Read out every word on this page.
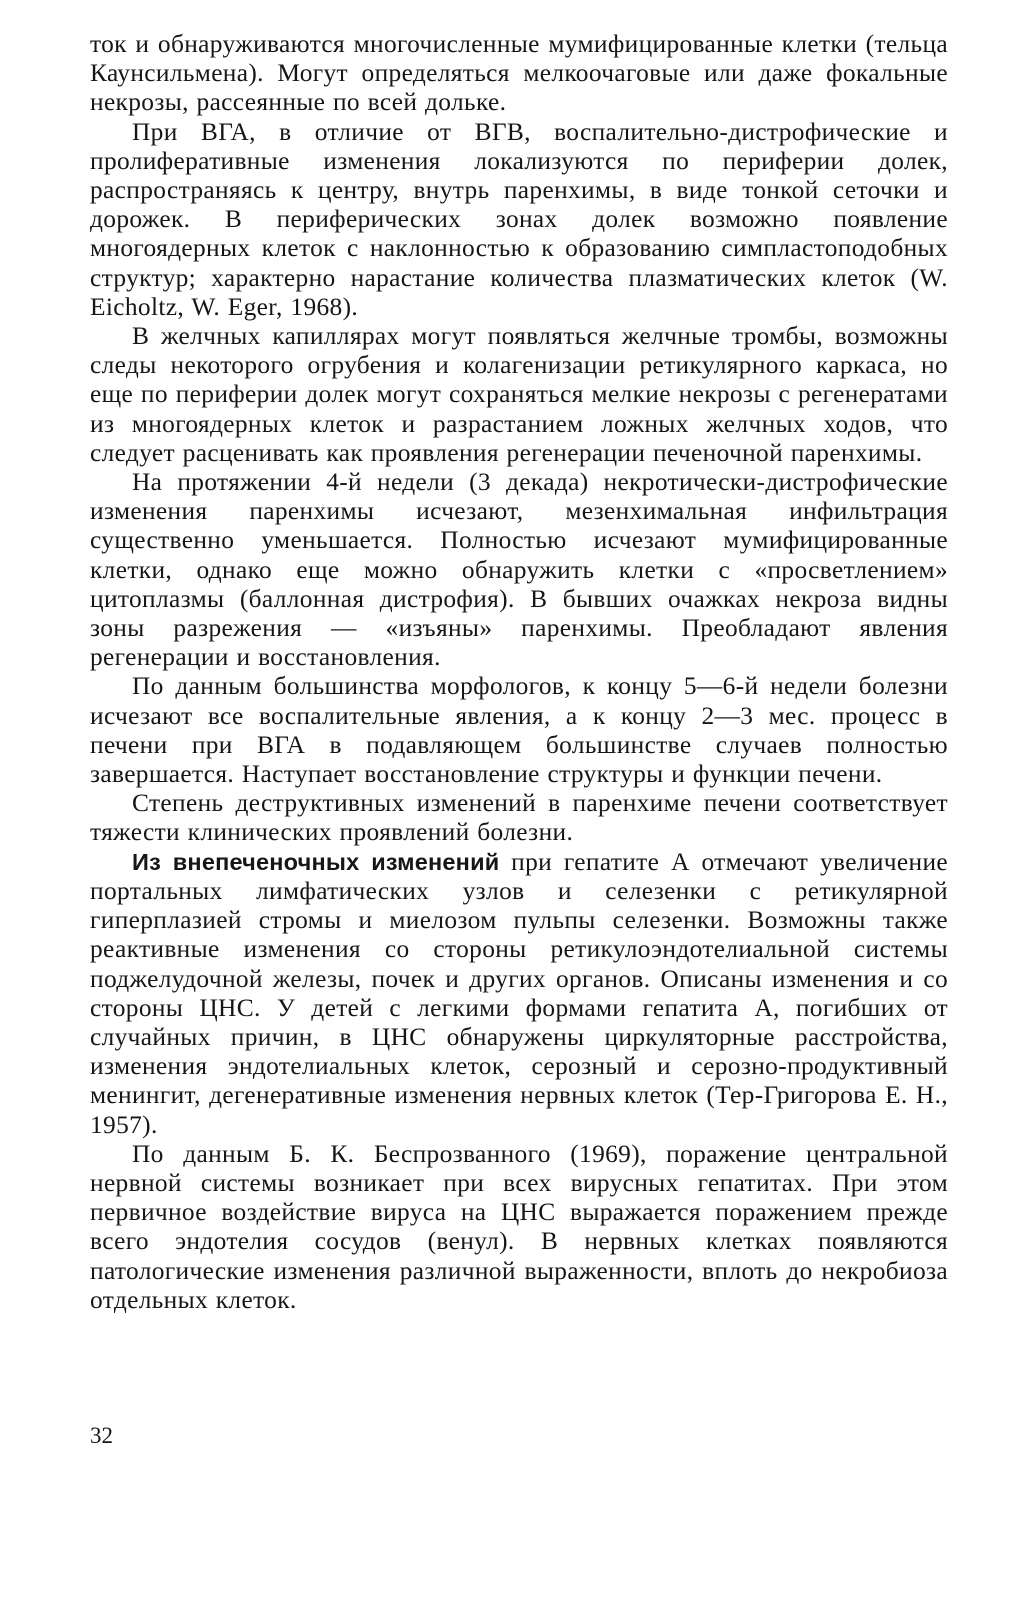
ток и обнаруживаются многочисленные мумифицированные клетки (тельца Каунсильмена). Могут определяться мелкоочаговые или даже фокальные некрозы, рассеянные по всей дольке.

При ВГА, в отличие от ВГВ, воспалительно-дистрофические и пролиферативные изменения локализуются по периферии долек, распространяясь к центру, внутрь паренхимы, в виде тонкой сеточки и дорожек. В периферических зонах долек возможно появление многоядерных клеток с наклонностью к образованию симпластоподобных структур; характерно нарастание количества плазматических клеток (W. Eicholtz, W. Eger, 1968).

В желчных капиллярах могут появляться желчные тромбы, возможны следы некоторого огрубения и колагенизации ретикулярного каркаса, но еще по периферии долек могут сохраняться мелкие некрозы с регенератами из многоядерных клеток и разрастанием ложных желчных ходов, что следует расценивать как проявления регенерации печеночной паренхимы.

На протяжении 4-й недели (3 декада) некротически-дистрофические изменения паренхимы исчезают, мезенхимальная инфильтрация существенно уменьшается. Полностью исчезают мумифицированные клетки, однако еще можно обнаружить клетки с «просветлением» цитоплазмы (баллонная дистрофия). В бывших очажках некроза видны зоны разрежения — «изъяны» паренхимы. Преобладают явления регенерации и восстановления.

По данным большинства морфологов, к концу 5—6-й недели болезни исчезают все воспалительные явления, а к концу 2—3 мес. процесс в печени при ВГА в подавляющем большинстве случаев полностью завершается. Наступает восстановление структуры и функции печени.

Степень деструктивных изменений в паренхиме печени соответствует тяжести клинических проявлений болезни.

Из внепеченочных изменений при гепатите А отмечают увеличение портальных лимфатических узлов и селезенки с ретикулярной гиперплазией стромы и миелозом пульпы селезенки. Возможны также реактивные изменения со стороны ретикулоэндотелиальной системы поджелудочной железы, почек и других органов. Описаны изменения и со стороны ЦНС. У детей с легкими формами гепатита А, погибших от случайных причин, в ЦНС обнаружены циркуляторные расстройства, изменения эндотелиальных клеток, серозный и серозно-продуктивный менингит, дегенеративные изменения нервных клеток (Тер-Григорова Е. Н., 1957).

По данным Б. К. Беспрозванного (1969), поражение центральной нервной системы возникает при всех вирусных гепатитах. При этом первичное воздействие вируса на ЦНС выражается поражением прежде всего эндотелия сосудов (венул). В нервных клетках появляются патологические изменения различной выраженности, вплоть до некробиоза отдельных клеток.

32
